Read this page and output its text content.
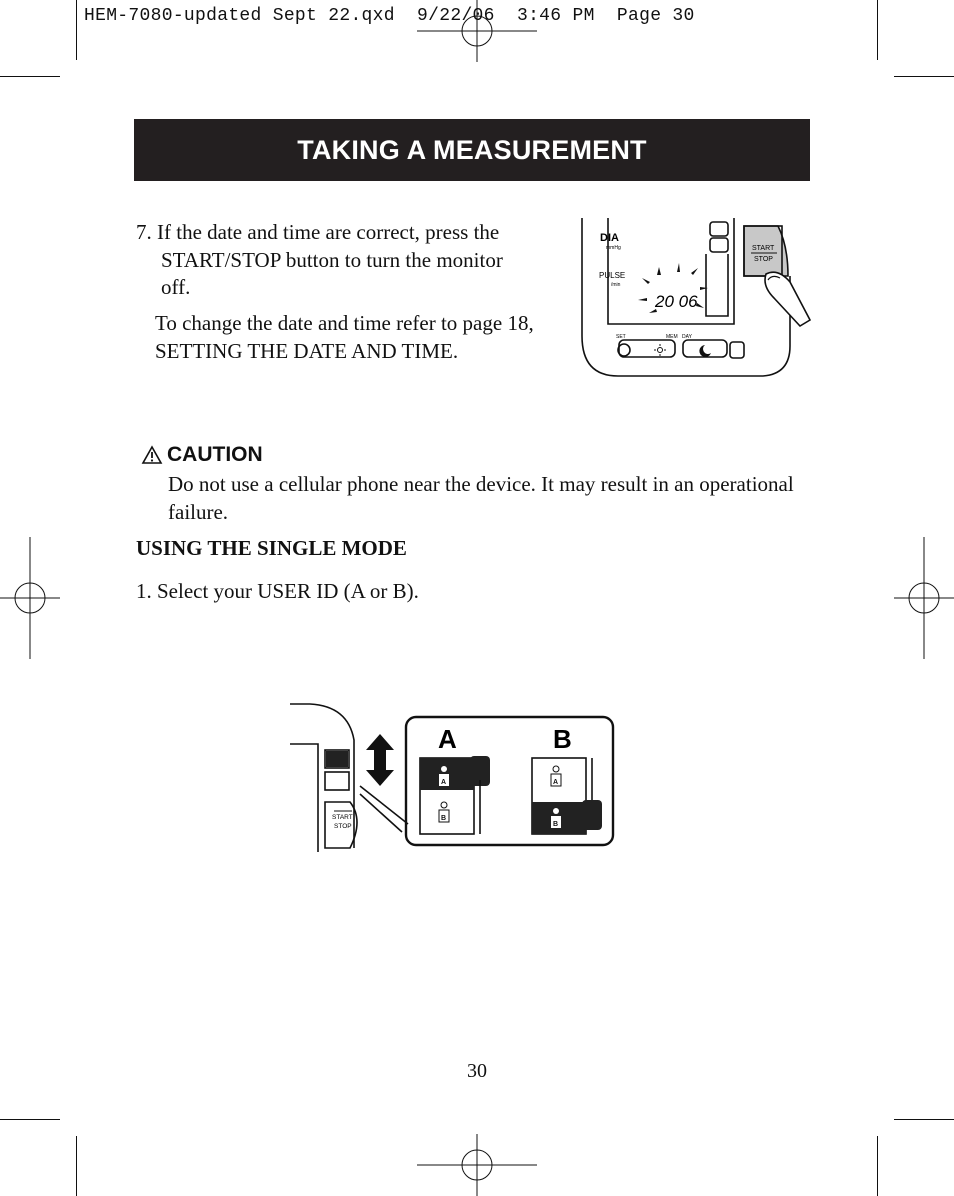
HEM-7080-updated Sept 22.qxd  9/22/06  3:46 PM  Page 30
TAKING A MEASUREMENT
7. If the date and time are correct, press the START/STOP button to turn the monitor off.
To change the date and time refer to page 18, SETTING THE DATE AND TIME.
DIA
mmHg
PULSE
/min
20 06
SET	MEM DAY
START
STOP
CAUTION
Do not use a cellular phone near the device. It may result in an operational failure.
USING THE SINGLE MODE
1. Select your USER ID (A or B).
A	B
A
B
A
B
START
STOP
30
